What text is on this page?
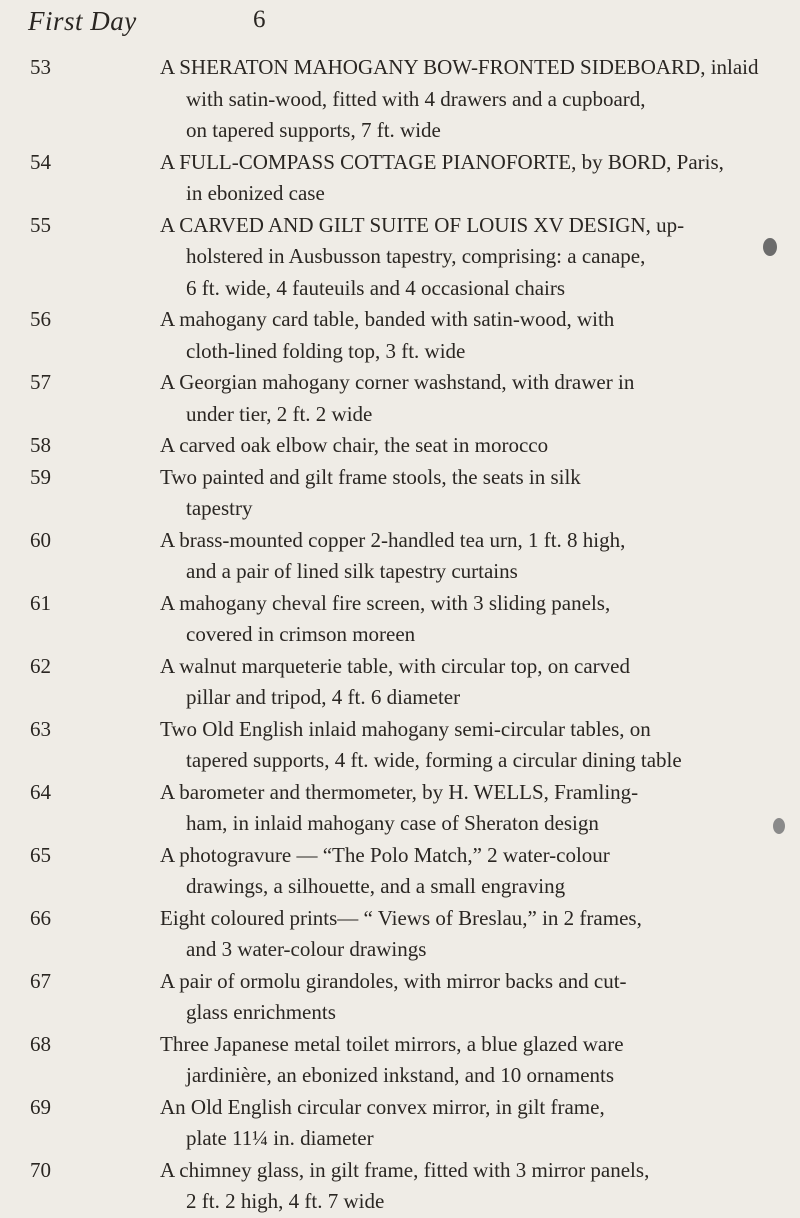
First Day	6
53	A SHERATON MAHOGANY BOW-FRONTED SIDEBOARD, inlaid
with satin-wood, fitted with 4 drawers and a cupboard,
on tapered supports, 7 ft. wide
54	A FULL-COMPASS COTTAGE PIANOFORTE, by BORD, Paris,
in ebonized case
55	A CARVED AND GILT SUITE OF LOUIS XV DESIGN, up-
holstered in Ausbusson tapestry, comprising: a canape,
6 ft. wide, 4 fauteuils and 4 occasional chairs
56	A mahogany card table, banded with satin-wood, with
cloth-lined folding top, 3 ft. wide
57	A Georgian mahogany corner washstand, with drawer in
under tier, 2 ft. 2 wide
58	A carved oak elbow chair, the seat in morocco
59	Two painted and gilt frame stools, the seats in silk
tapestry
60	A brass-mounted copper 2-handled tea urn, 1 ft. 8 high,
and a pair of lined silk tapestry curtains
61	A mahogany cheval fire screen, with 3 sliding panels,
covered in crimson moreen
62	A walnut marqueterie table, with circular top, on carved
pillar and tripod, 4 ft. 6 diameter
63	Two Old English inlaid mahogany semi-circular tables, on
tapered supports, 4 ft. wide, forming a circular dining table
64	A barometer and thermometer, by H. WELLS, Framling-
ham, in inlaid mahogany case of Sheraton design
65	A photogravure — “The Polo Match,” 2 water-colour
drawings, a silhouette, and a small engraving
66	Eight coloured prints— “ Views of Breslau,” in 2 frames,
and 3 water-colour drawings
67	A pair of ormolu girandoles, with mirror backs and cut-
glass enrichments
68	Three Japanese metal toilet mirrors, a blue glazed ware
jardinière, an ebonized inkstand, and 10 ornaments
69	An Old English circular convex mirror, in gilt frame,
plate 11¼ in. diameter
70	A chimney glass, in gilt frame, fitted with 3 mirror panels,
2 ft. 2 high, 4 ft. 7 wide
